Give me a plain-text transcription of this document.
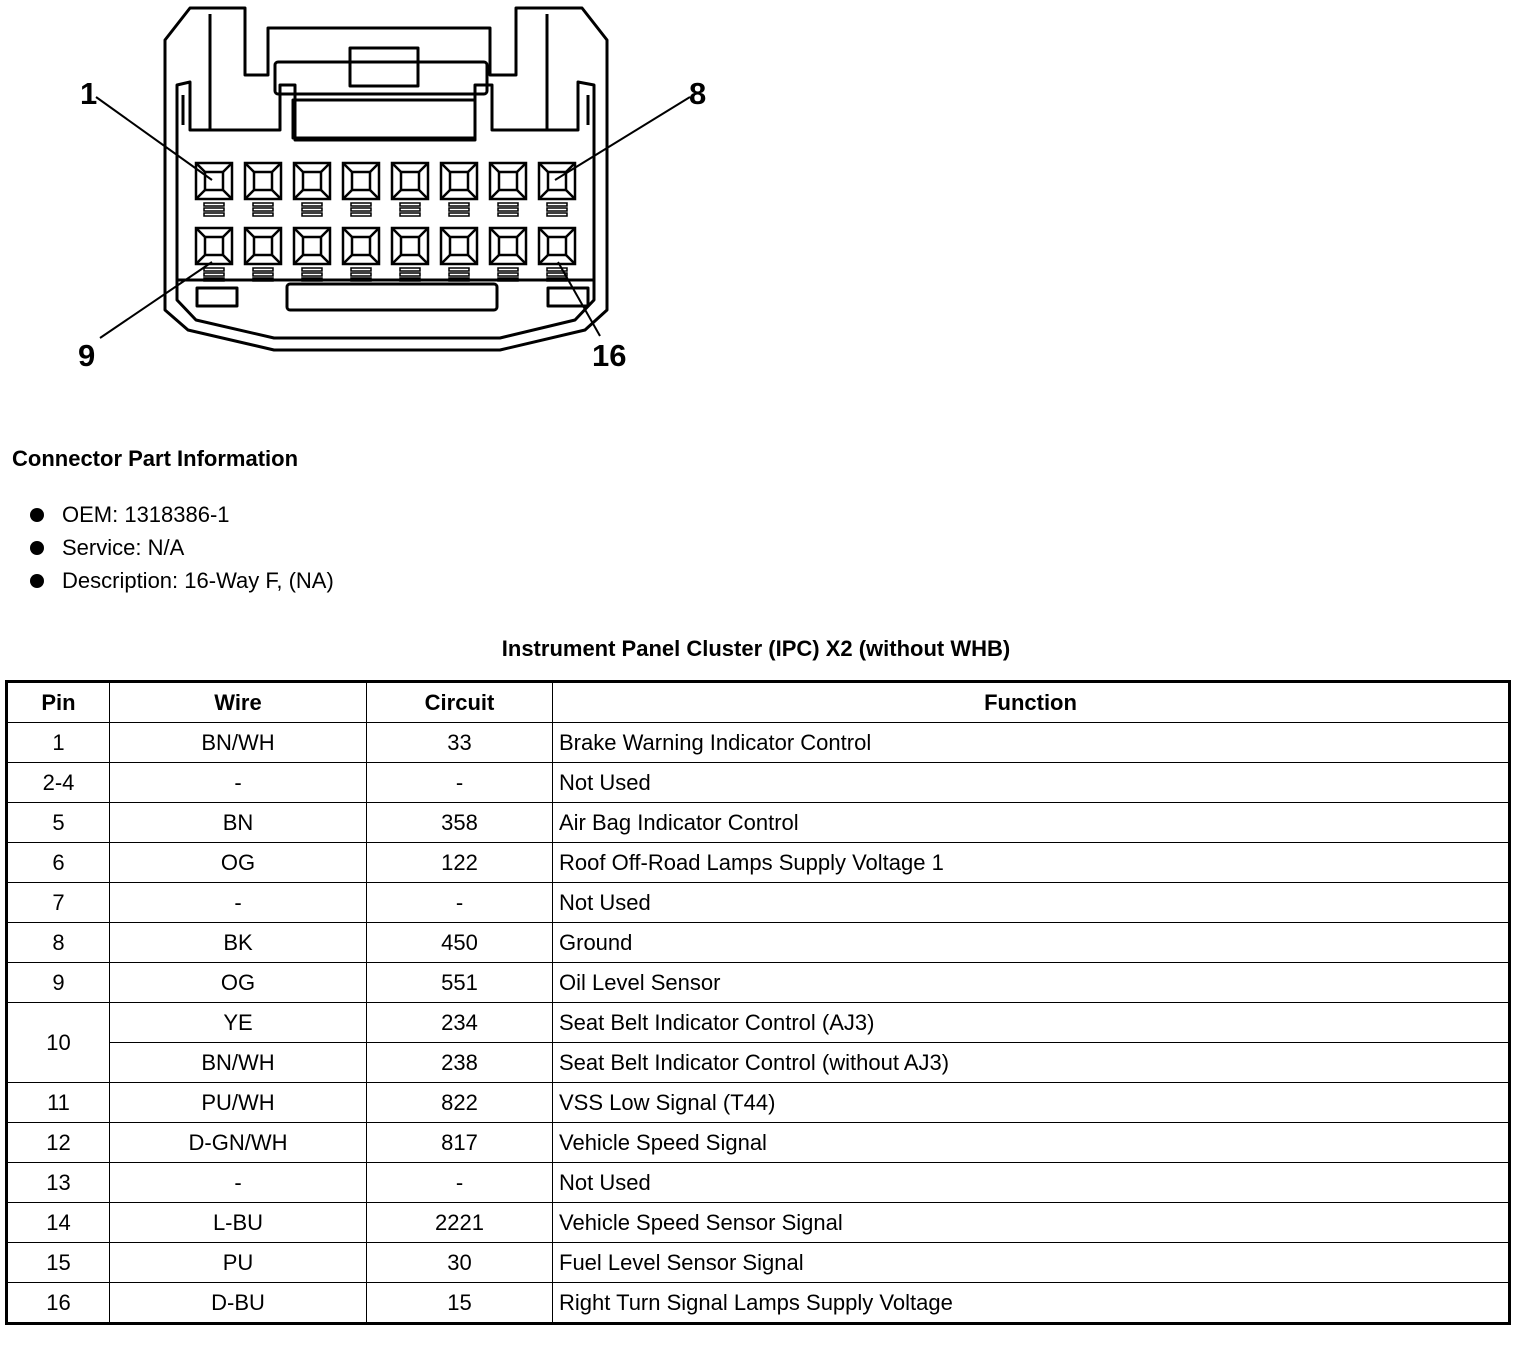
1	8
9	16
Connector Part Information
OEM: 1318386-1
Service: N/A
Description: 16-Way F, (NA)
Instrument Panel Cluster (IPC) X2 (without WHB)
Pin	Wire	Circuit	Function
1	BN/WH	33	Brake Warning Indicator Control
2-4	-	-	Not Used
5	BN	358	Air Bag Indicator Control
6	OG	122	Roof Off-Road Lamps Supply Voltage 1
7	-	-	Not Used
8	BK	450	Ground
9	OG	551	Oil Level Sensor
10	YE	234	Seat Belt Indicator Control (AJ3)
	BN/WH	238	Seat Belt Indicator Control (without AJ3)
11	PU/WH	822	VSS Low Signal (T44)
12	D-GN/WH	817	Vehicle Speed Signal
13	-	-	Not Used
14	L-BU	2221	Vehicle Speed Sensor Signal
15	PU	30	Fuel Level Sensor Signal
16	D-BU	15	Right Turn Signal Lamps Supply Voltage
